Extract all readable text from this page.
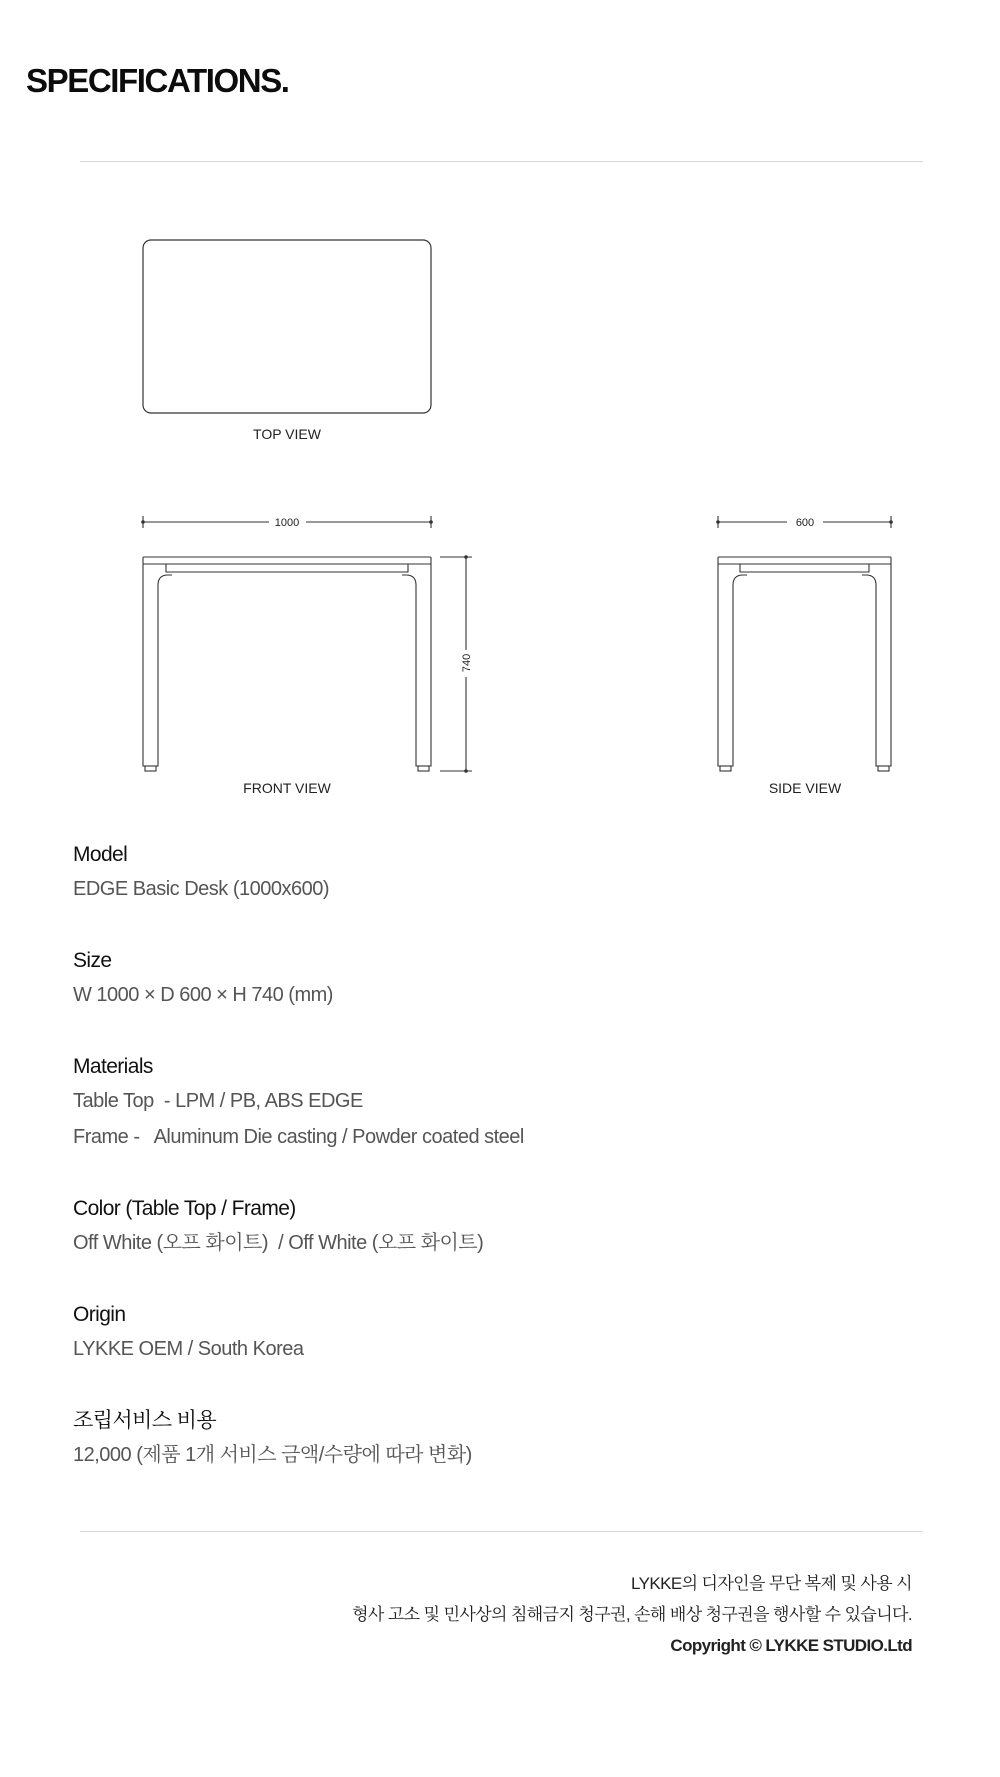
SPECIFICATIONS.
TOP VIEW
1000
740
FRONT VIEW
600
SIDE VIEW

Model

EDGE Basic Desk (1000x600)

Size

W 1000 × D 600 × H 740 (mm)

Materials

Table Top  - LPM / PB, ABS EDGE

Frame -   Aluminum Die casting / Powder coated steel

Color (Table Top / Frame)

Off White (오프 화이트)  / Off White (오프 화이트)

Origin

LYKKE OEM / South Korea

조립서비스 비용

12,000 (제품 1개 서비스 금액/수량에 따라 변화)

LYKKE의 디자인을 무단 복제 및 사용 시
형사 고소 및 민사상의 침해금지 청구권, 손해 배상 청구권을 행사할 수 있습니다.
Copyright © LYKKE STUDIO.Ltd
